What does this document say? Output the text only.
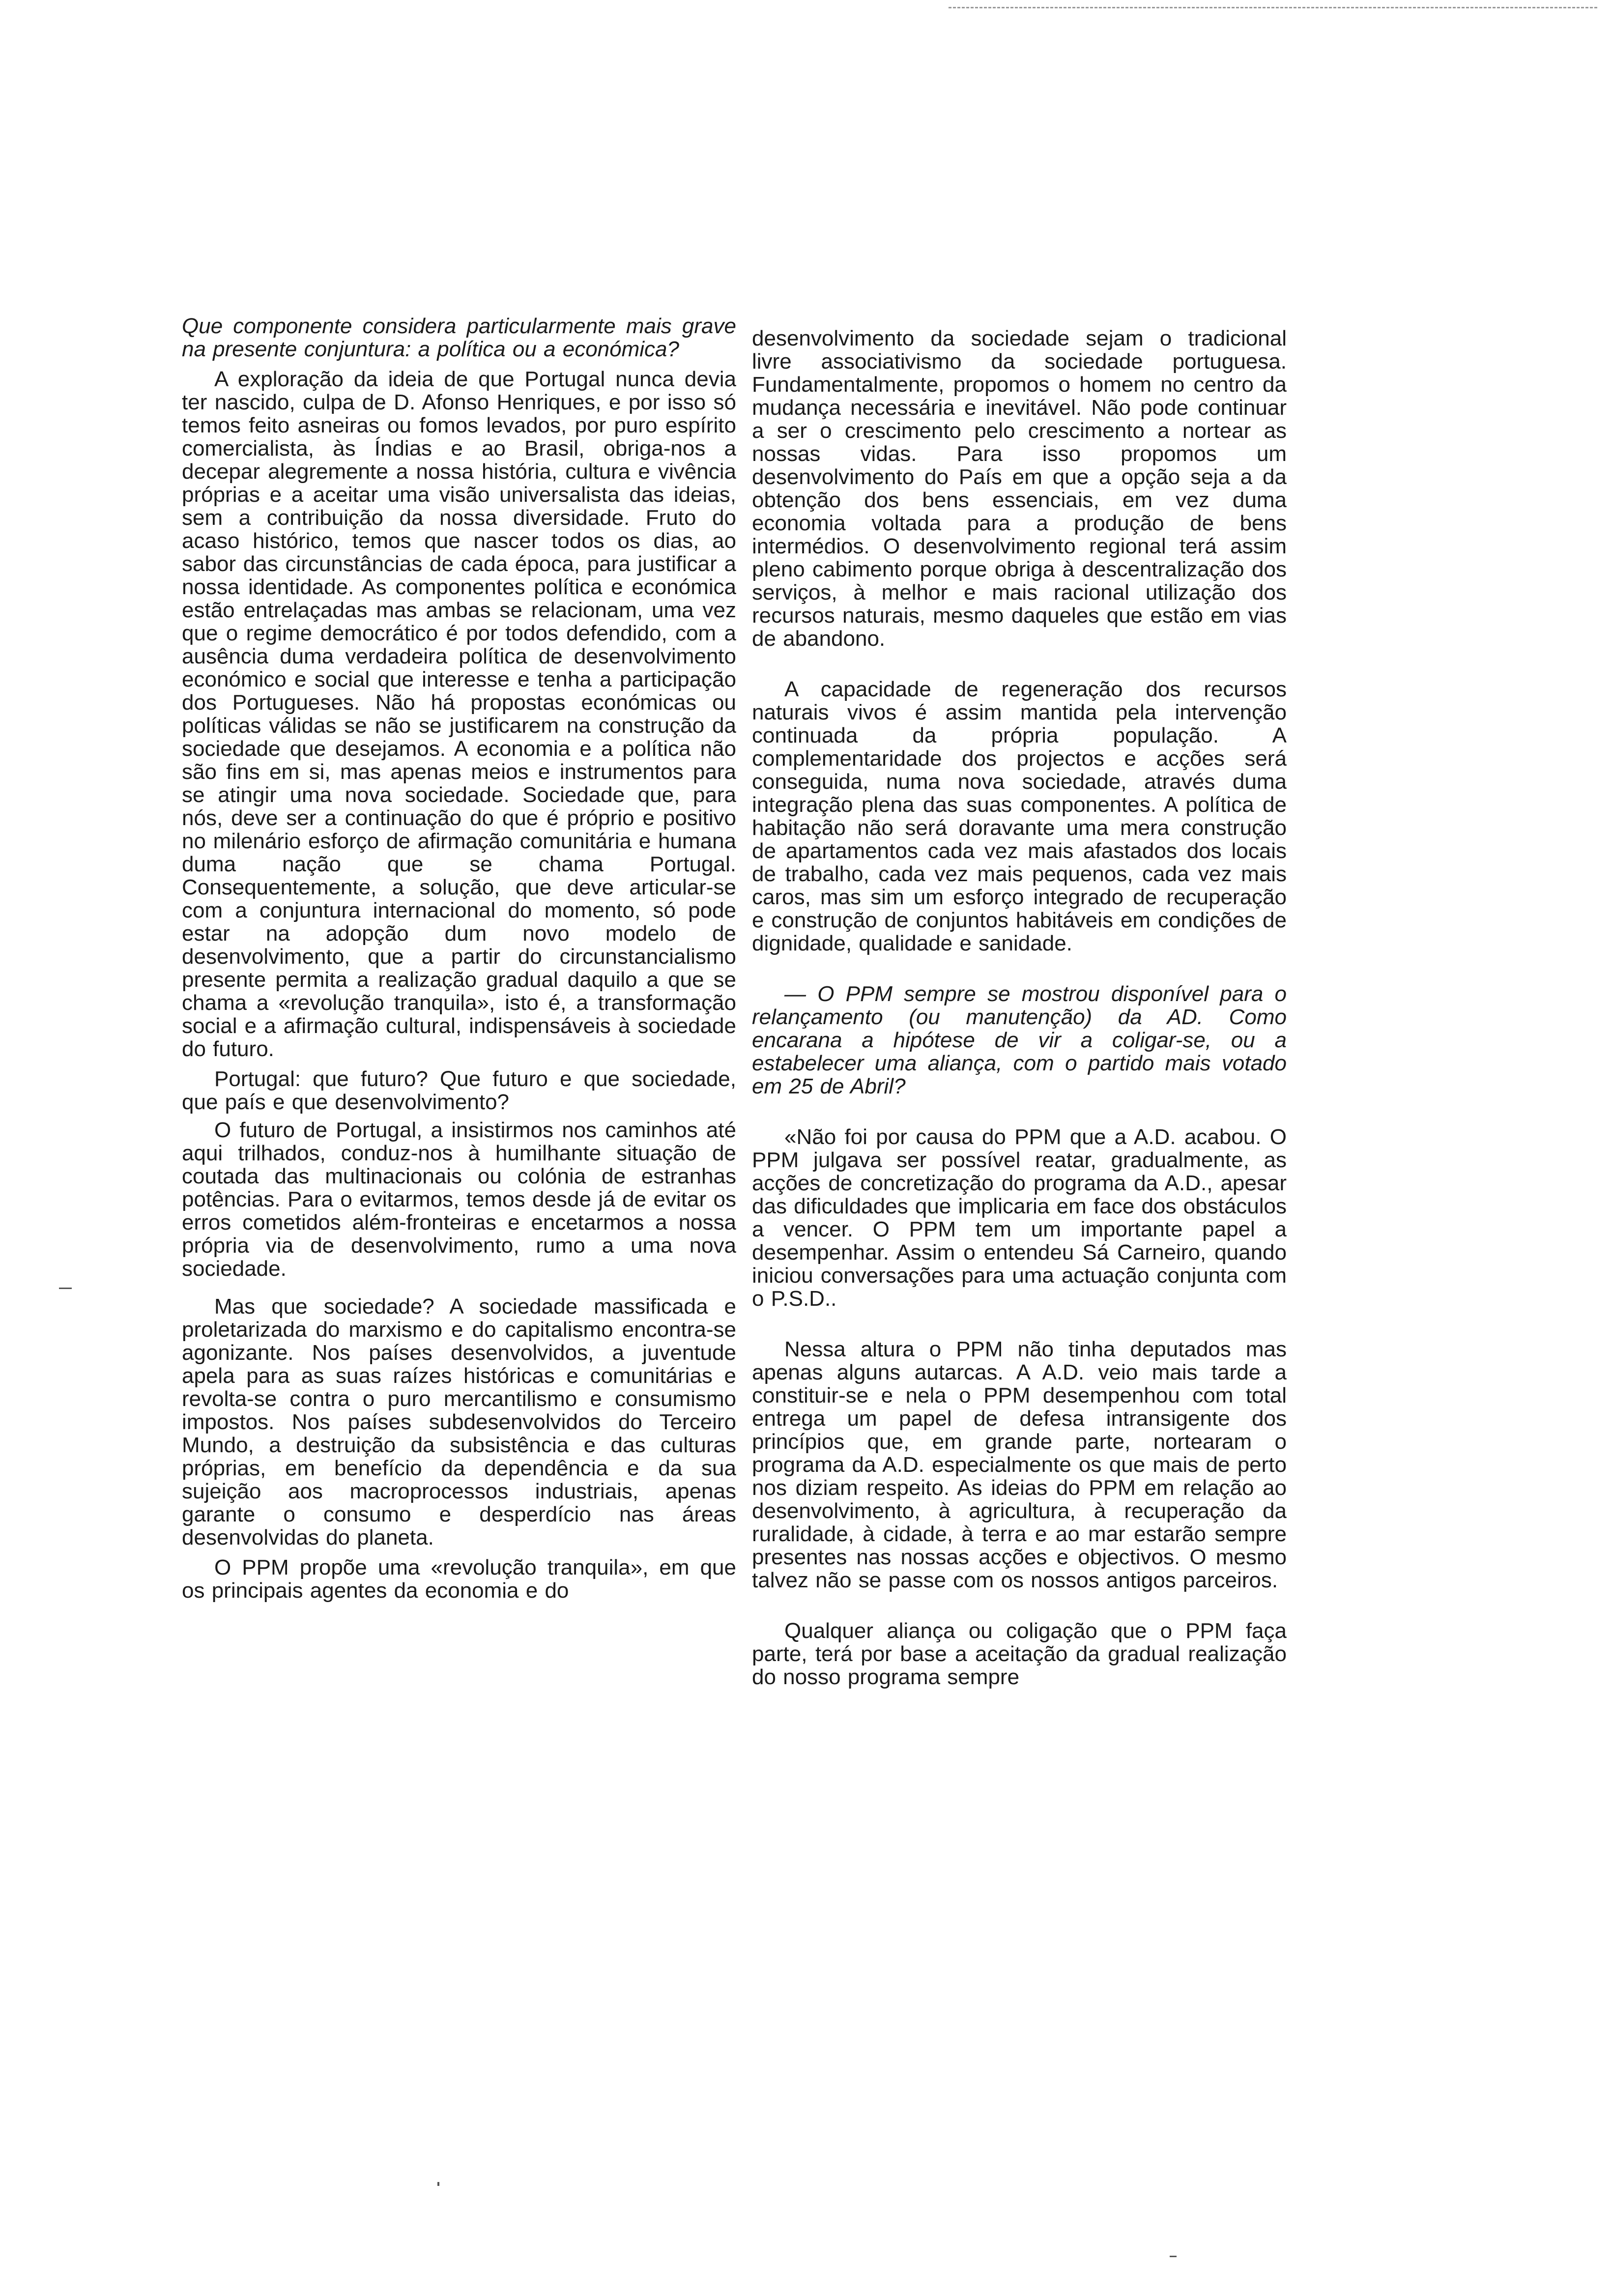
Que componente considera particularmente mais grave na presente conjuntura: a política ou a económica?

A exploração da ideia de que Portugal nunca devia ter nascido, culpa de D. Afonso Henriques, e por isso só temos feito asneiras ou fomos levados, por puro espírito comercialista, às Índias e ao Brasil, obriga-nos a decepar alegremente a nossa história, cultura e vivência próprias e a aceitar uma visão universalista das ideias, sem a contribuição da nossa diversidade. Fruto do acaso histórico, temos que nascer todos os dias, ao sabor das circunstâncias de cada época, para justificar a nossa identidade. As componentes política e económica estão entrelaçadas mas ambas se relacionam, uma vez que o regime democrático é por todos defendido, com a ausência duma verdadeira política de desenvolvimento económico e social que interesse e tenha a participação dos Portugueses. Não há propostas económicas ou políticas válidas se não se justificarem na construção da sociedade que desejamos. A economia e a política não são fins em si, mas apenas meios e instrumentos para se atingir uma nova sociedade. Sociedade que, para nós, deve ser a continuação do que é próprio e positivo no milenário esforço de afirmação comunitária e humana duma nação que se chama Portugal. Consequentemente, a solução, que deve articular-se com a conjuntura internacional do momento, só pode estar na adopção dum novo modelo de desenvolvimento, que a partir do circunstancialismo presente permita a realização gradual daquilo a que se chama a «revolução tranquila», isto é, a transformação social e a afirmação cultural, indispensáveis à sociedade do futuro.

Portugal: que futuro? Que futuro e que sociedade, que país e que desenvolvimento?

O futuro de Portugal, a insistirmos nos caminhos até aqui trilhados, conduz-nos à humilhante situação de coutada das multinacionais ou colónia de estranhas potências. Para o evitarmos, temos desde já de evitar os erros cometidos além-fronteiras e encetarmos a nossa própria via de desenvolvimento, rumo a uma nova sociedade.

Mas que sociedade? A sociedade massificada e proletarizada do marxismo e do capitalismo encontra-se agonizante. Nos países desenvolvidos, a juventude apela para as suas raízes históricas e comunitárias e revolta-se contra o puro mercantilismo e consumismo impostos. Nos países subdesenvolvidos do Terceiro Mundo, a destruição da subsistência e das culturas próprias, em benefício da dependência e da sua sujeição aos macroprocessos industriais, apenas garante o consumo e desperdício nas áreas desenvolvidas do planeta.

O PPM propõe uma «revolução tranquila», em que os principais agentes da economia e do

desenvolvimento da sociedade sejam o tradicional livre associativismo da sociedade portuguesa. Fundamentalmente, propomos o homem no centro da mudança necessária e inevitável. Não pode continuar a ser o crescimento pelo crescimento a nortear as nossas vidas. Para isso propomos um desenvolvimento do País em que a opção seja a da obtenção dos bens essenciais, em vez duma economia voltada para a produção de bens intermédios. O desenvolvimento regional terá assim pleno cabimento porque obriga à descentralização dos serviços, à melhor e mais racional utilização dos recursos naturais, mesmo daqueles que estão em vias de abandono.

A capacidade de regeneração dos recursos naturais vivos é assim mantida pela intervenção continuada da própria população. A complementaridade dos projectos e acções será conseguida, numa nova sociedade, através duma integração plena das suas componentes. A política de habitação não será doravante uma mera construção de apartamentos cada vez mais afastados dos locais de trabalho, cada vez mais pequenos, cada vez mais caros, mas sim um esforço integrado de recuperação e construção de conjuntos habitáveis em condições de dignidade, qualidade e sanidade.

— O PPM sempre se mostrou disponível para o relançamento (ou manutenção) da AD. Como encarana a hipótese de vir a coligar-se, ou a estabelecer uma aliança, com o partido mais votado em 25 de Abril?

«Não foi por causa do PPM que a A.D. acabou. O PPM julgava ser possível reatar, gradualmente, as acções de concretização do programa da A.D., apesar das dificuldades que implicaria em face dos obstáculos a vencer. O PPM tem um importante papel a desempenhar. Assim o entendeu Sá Carneiro, quando iniciou conversações para uma actuação conjunta com o P.S.D..

Nessa altura o PPM não tinha deputados mas apenas alguns autarcas. A A.D. veio mais tarde a constituir-se e nela o PPM desempenhou com total entrega um papel de defesa intransigente dos princípios que, em grande parte, nortearam o programa da A.D. especialmente os que mais de perto nos diziam respeito. As ideias do PPM em relação ao desenvolvimento, à agricultura, à recuperação da ruralidade, à cidade, à terra e ao mar estarão sempre presentes nas nossas acções e objectivos. O mesmo talvez não se passe com os nossos antigos parceiros.

Qualquer aliança ou coligação que o PPM faça parte, terá por base a aceitação da gradual realização do nosso programa sempre
